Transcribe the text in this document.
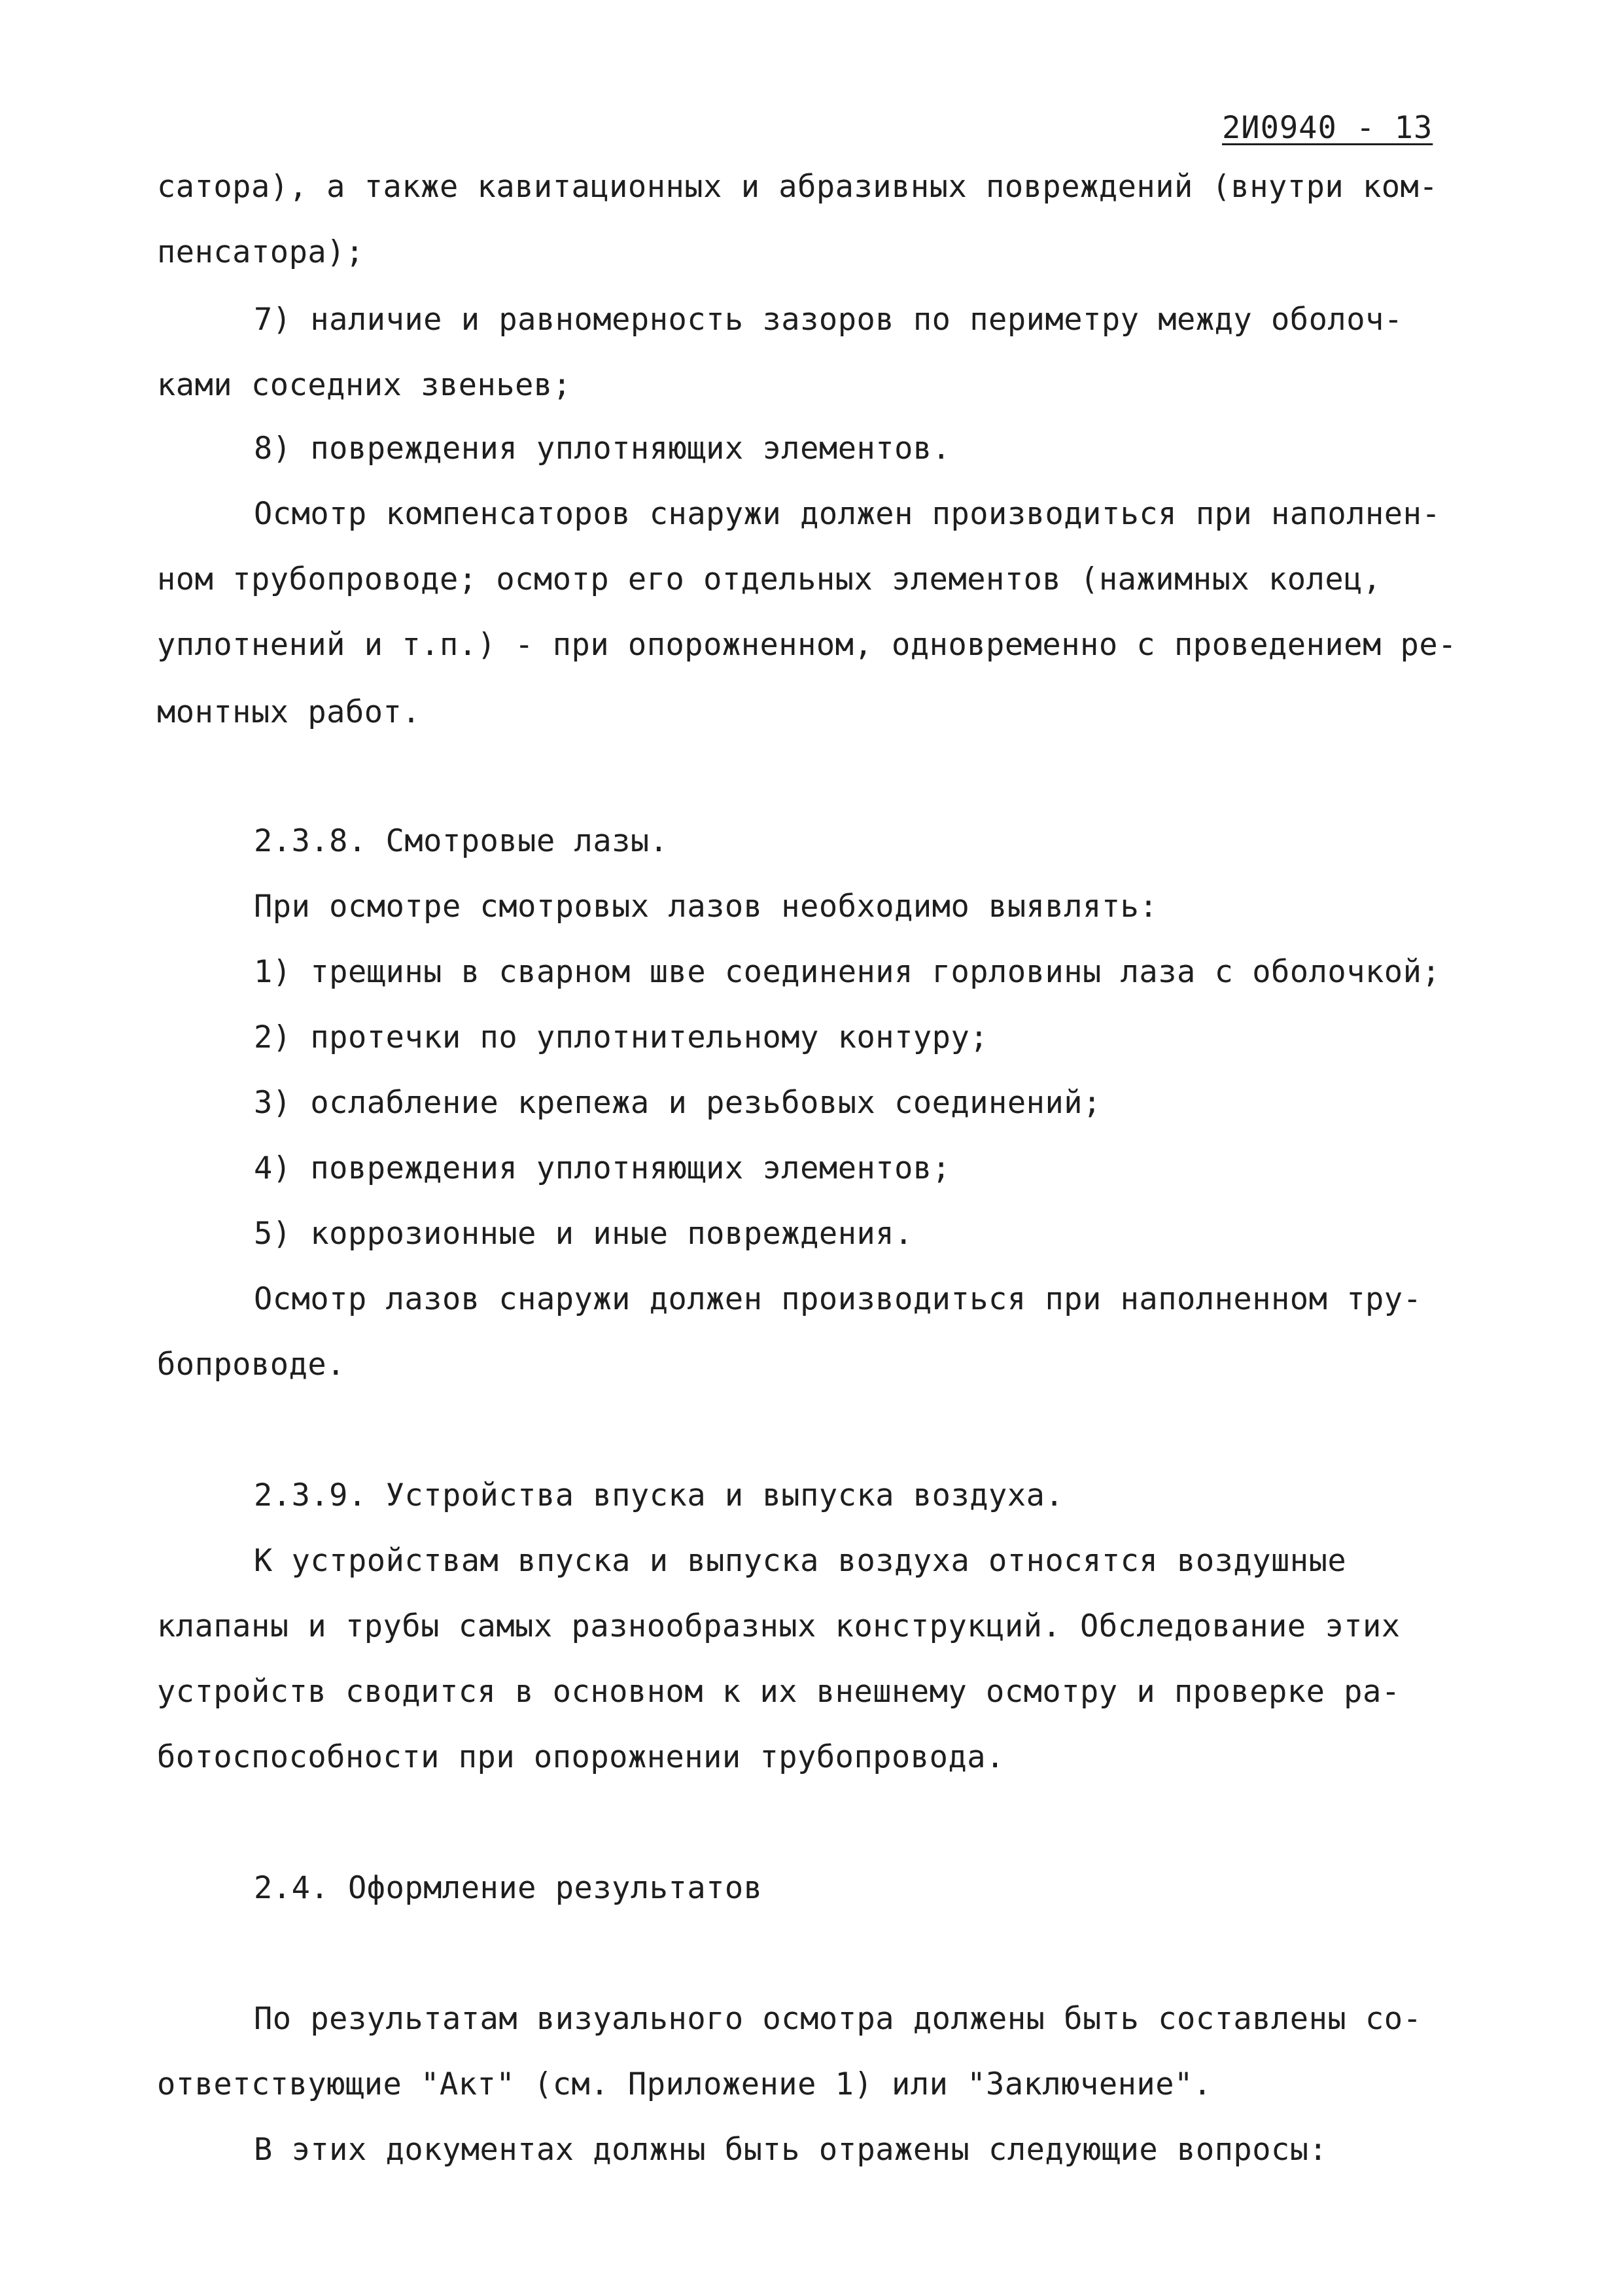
2И0940 - 13
сатора), а также кавитационных и абразивных повреждений (внутри ком-
пенсатора);
7) наличие и равномерность зазоров по периметру между оболоч-
ками соседних звеньев;
8) повреждения уплотняющих элементов.
Осмотр компенсаторов снаружи должен производиться при наполнен-
ном трубопроводе; осмотр его отдельных элементов (нажимных колец,
уплотнений и т.п.) - при опорожненном, одновременно с проведением ре-
монтных работ.
2.3.8. Смотровые лазы.
При осмотре смотровых лазов необходимо выявлять:
1) трещины в сварном шве соединения горловины лаза с оболочкой;
2) протечки по уплотнительному контуру;
3) ослабление крепежа и резьбовых соединений;
4) повреждения уплотняющих элементов;
5) коррозионные и иные повреждения.
Осмотр лазов снаружи должен производиться при наполненном тру-
бопроводе.
2.3.9. Устройства впуска и выпуска воздуха.
К устройствам впуска и выпуска воздуха относятся воздушные
клапаны и трубы самых разнообразных конструкций. Обследование этих
устройств сводится в основном к их внешнему осмотру и проверке ра-
ботоспособности при опорожнении трубопровода.
2.4. Оформление результатов
По результатам визуального осмотра должены быть составлены со-
ответствующие "Акт" (см. Приложение 1) или "Заключение".
В этих документах должны быть отражены следующие вопросы:
